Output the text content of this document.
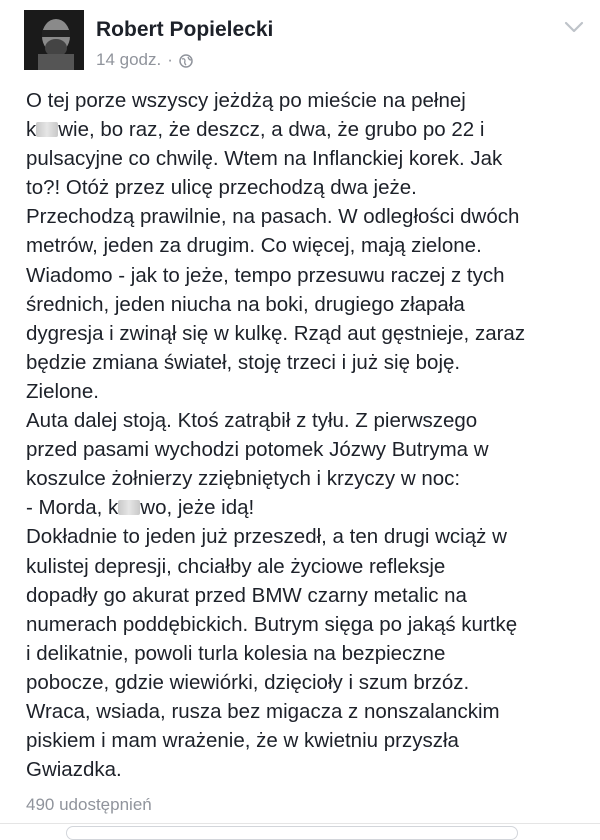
Robert Popielecki
14 godz. ·

O tej porze wszyscy jeżdżą po mieście na pełnej

k wie, bo raz, że deszcz, a dwa, że grubo po 22 i

pulsacyjne co chwilę. Wtem na Inflanckiej korek. Jak

to?! Otóż przez ulicę przechodzą dwa jeże.

Przechodzą prawilnie, na pasach. W odległości dwóch

metrów, jeden za drugim. Co więcej, mają zielone.

Wiadomo - jak to jeże, tempo przesuwu raczej z tych

średnich, jeden niucha na boki, drugiego złapała

dygresja i zwinął się w kulkę. Rząd aut gęstnieje, zaraz

będzie zmiana świateł, stoję trzeci i już się boję.

Zielone.

Auta dalej stoją. Ktoś zatrąbił z tyłu. Z pierwszego

przed pasami wychodzi potomek Józwy Butryma w

koszulce żołnierzy zziębniętych i krzyczy w noc:

- Morda, k wo, jeże idą!

Dokładnie to jeden już przeszedł, a ten drugi wciąż w

kulistej depresji, chciałby ale życiowe refleksje

dopadły go akurat przed BMW czarny metalic na

numerach poddębickich. Butrym sięga po jakąś kurtkę

i delikatnie, powoli turla kolesia na bezpieczne

pobocze, gdzie wiewiórki, dzięcioły i szum brzóz.

Wraca, wsiada, rusza bez migacza z nonszalanckim

piskiem i mam wrażenie, że w kwietniu przyszła

Gwiazdka.

490 udostępnień
